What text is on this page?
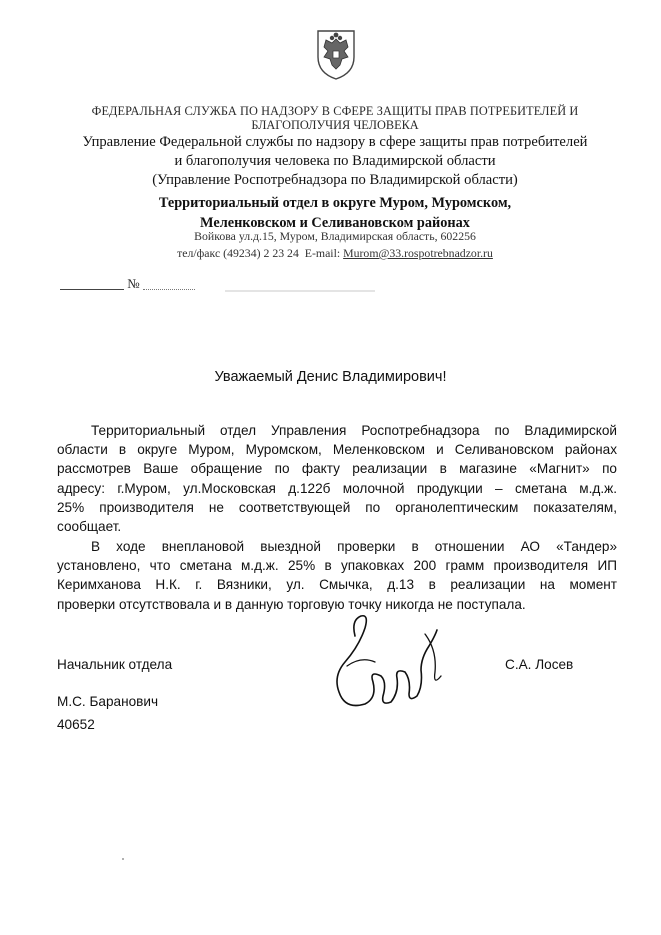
ФЕДЕРАЛЬНАЯ СЛУЖБА ПО НАДЗОРУ В СФЕРЕ ЗАЩИТЫ ПРАВ ПОТРЕБИТЕЛЕЙ И
БЛАГОПОЛУЧИЯ ЧЕЛОВЕКА
Управление Федеральной службы по надзору в сфере защиты прав потребителей
и благополучия человека по Владимирской области
(Управление Роспотребнадзора по Владимирской области)
Территориальный отдел в округе Муром, Муромском,
Меленковском и Селивановском районах
Войкова ул.д.15, Муром, Владимирская область, 602256
тел/факс (49234) 2 23 24 E-mail: Murom@33.rospotrebnadzor.ru
№
Уважаемый Денис Владимирович!
Территориальный отдел Управления Роспотребнадзора по Владимирской
области в округе Муром, Муромском, Меленковском и Селивановском районах
рассмотрев Ваше обращение по факту реализации в магазине «Магнит» по
адресу: г.Муром, ул.Московская д.122б молочной продукции – сметана м.д.ж.
25% производителя не соответствующей по органолептическим показателям,
сообщает.
В ходе внеплановой выездной проверки в отношении АО «Тандер»
установлено, что сметана м.д.ж. 25% в упаковках 200 грамм производителя ИП
Керимханова Н.К. г. Вязники, ул. Смычка, д.13 в реализации на момент
проверки отсутствовала и в данную торговую точку никогда не поступала.
Начальник отдела	С.А. Лосев
М.С. Баранович
40652
